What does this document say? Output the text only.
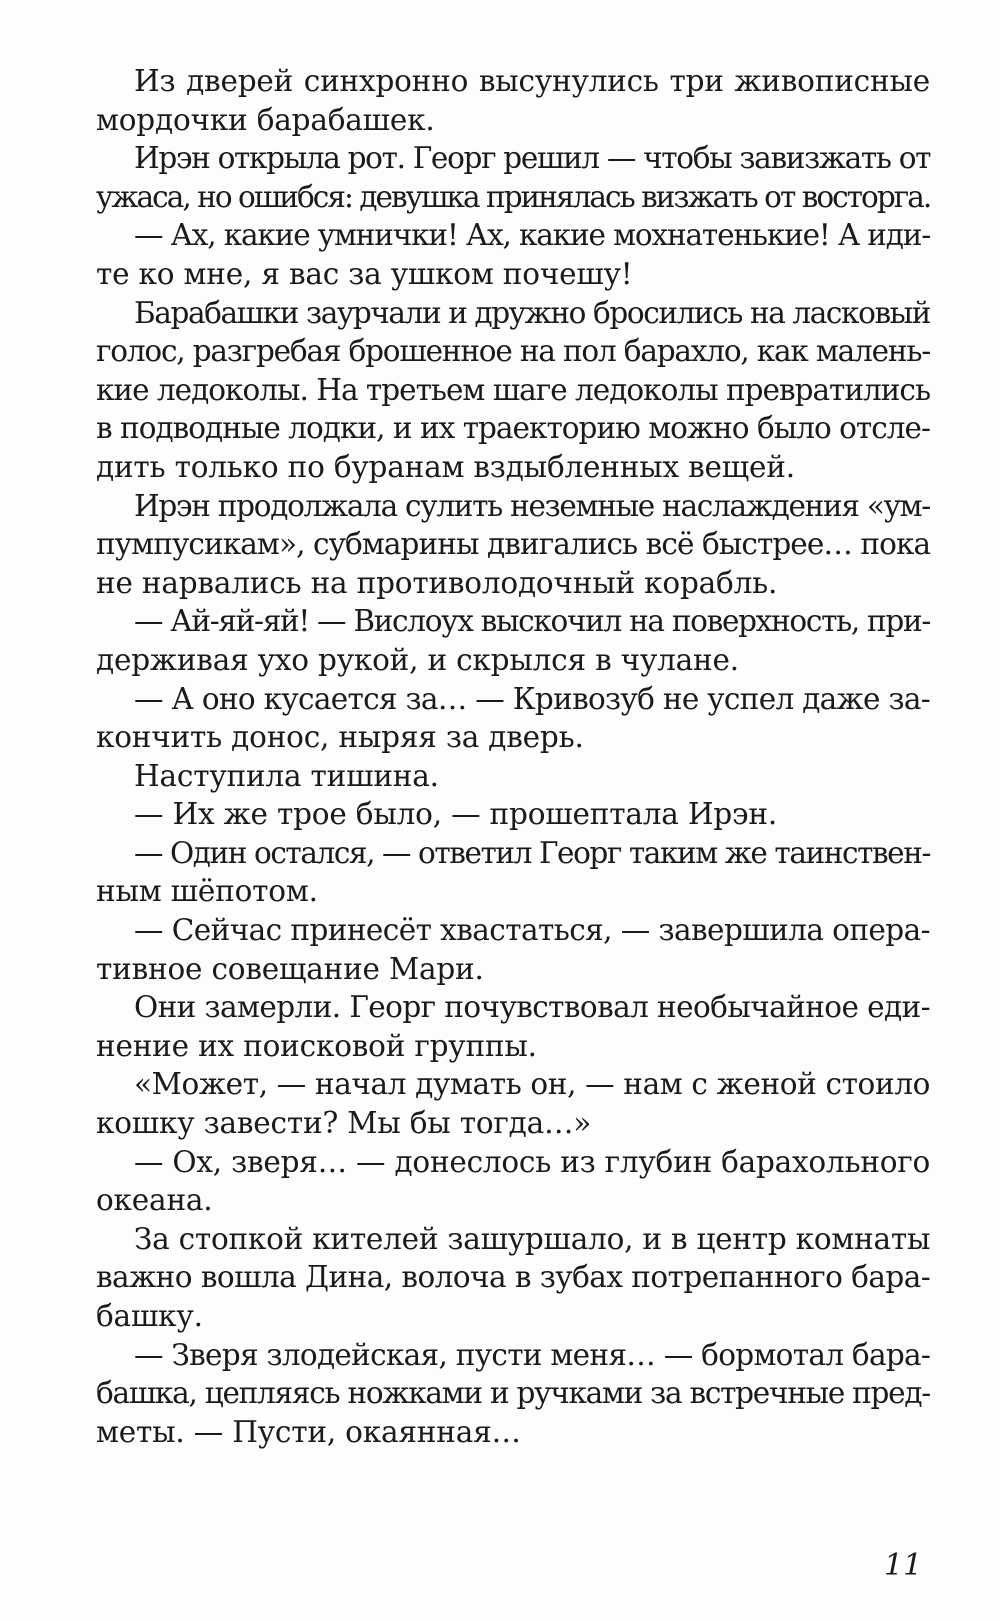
Из дверей синхронно высунулись три живописные
мордочки барабашек.
Ирэн открыла рот. Георг решил — чтобы завизжать от
ужаса, но ошибся: девушка принялась визжать от восторга.
— Ах, какие умнички! Ах, какие мохнатенькие! А иди-
те ко мне, я вас за ушком почешу!
Барабашки заурчали и дружно бросились на ласковый
голос, разгребая брошенное на пол барахло, как малень-
кие ледоколы. На третьем шаге ледоколы превратились
в подводные лодки, и их траекторию можно было отсле-
дить только по буранам вздыбленных вещей.
Ирэн продолжала сулить неземные наслаждения «ум-
пумпусикам», субмарины двигались всё быстрее… пока
не нарвались на противолодочный корабль.
— Ай-яй-яй! — Вислоух выскочил на поверхность, при-
держивая ухо рукой, и скрылся в чулане.
— А оно кусается за… — Кривозуб не успел даже за-
кончить донос, ныряя за дверь.
Наступила тишина.
— Их же трое было, — прошептала Ирэн.
— Один остался, — ответил Георг таким же таинствен-
ным шёпотом.
— Сейчас принесёт хвастаться, — завершила опера-
тивное совещание Мари.
Они замерли. Георг почувствовал необычайное еди-
нение их поисковой группы.
«Может, — начал думать он, — нам с женой стоило
кошку завести? Мы бы тогда…»
— Ох, зверя… — донеслось из глубин барахольного
океана.
За стопкой кителей зашуршало, и в центр комнаты
важно вошла Дина, волоча в зубах потрепанного бара-
башку.
— Зверя злодейская, пусти меня… — бормотал бара-
башка, цепляясь ножками и ручками за встречные пред-
меты. — Пусти, окаянная…
11
